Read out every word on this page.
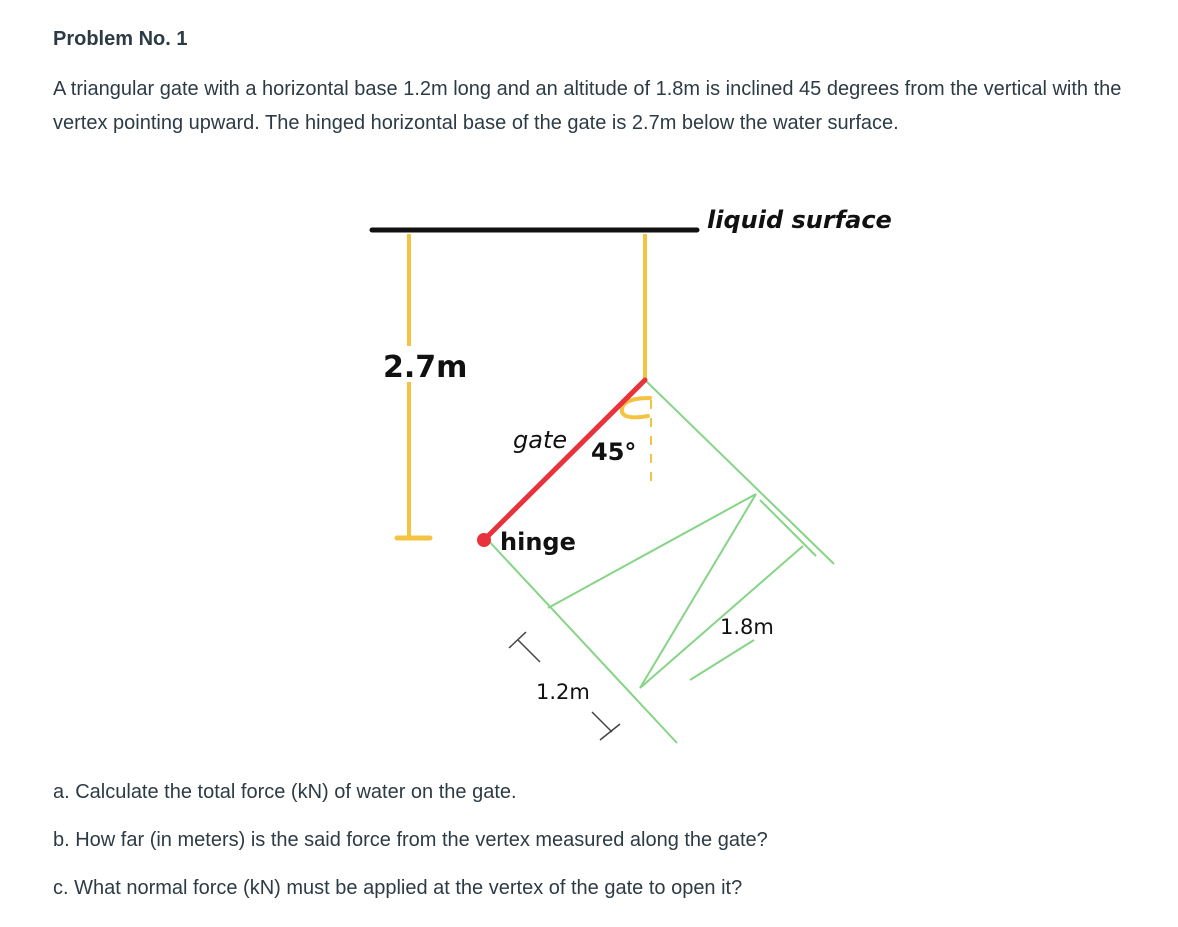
Problem No. 1

A triangular gate with a horizontal base 1.2m long and an altitude of 1.8m is inclined 45 degrees from the vertical with the vertex pointing upward. The hinged horizontal base of the gate is 2.7m below the water surface.

liquid surface
2.7m
gate 45°
hinge
1.2m
1.8m

a. Calculate the total force (kN) of water on the gate.

b. How far (in meters) is the said force from the vertex measured along the gate?

c. What normal force (kN) must be applied at the vertex of the gate to open it?
